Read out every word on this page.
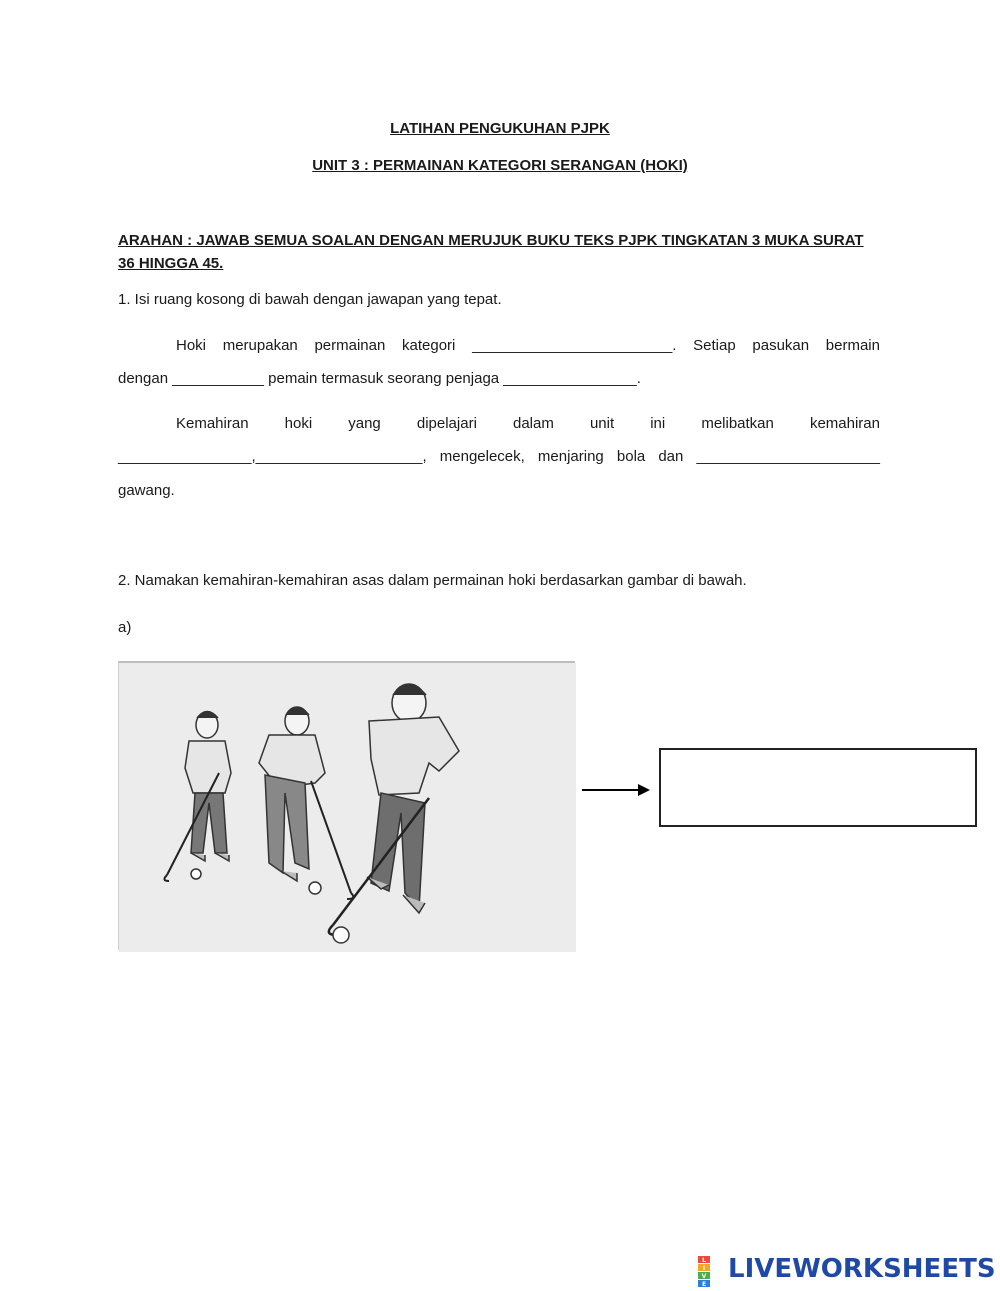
LATIHAN PENGUKUHAN PJPK
UNIT 3 : PERMAINAN KATEGORI SERANGAN (HOKI)
ARAHAN : JAWAB SEMUA SOALAN DENGAN MERUJUK BUKU TEKS PJPK TINGKATAN 3 MUKA SURAT 36 HINGGA 45.
1. Isi ruang kosong di bawah dengan jawapan yang tepat.
Hoki merupakan permainan kategori ________________________. Setiap pasukan bermain
dengan ___________ pemain termasuk seorang penjaga ________________.
Kemahiran hoki yang dipelajari dalam unit ini melibatkan kemahiran
________________,____________________, mengelecek, menjaring bola dan ______________________
gawang.
2. Namakan kemahiran-kemahiran asas dalam permainan hoki berdasarkan gambar di bawah.
a)
L
I
V
E
LIVEWORKSHEETS
